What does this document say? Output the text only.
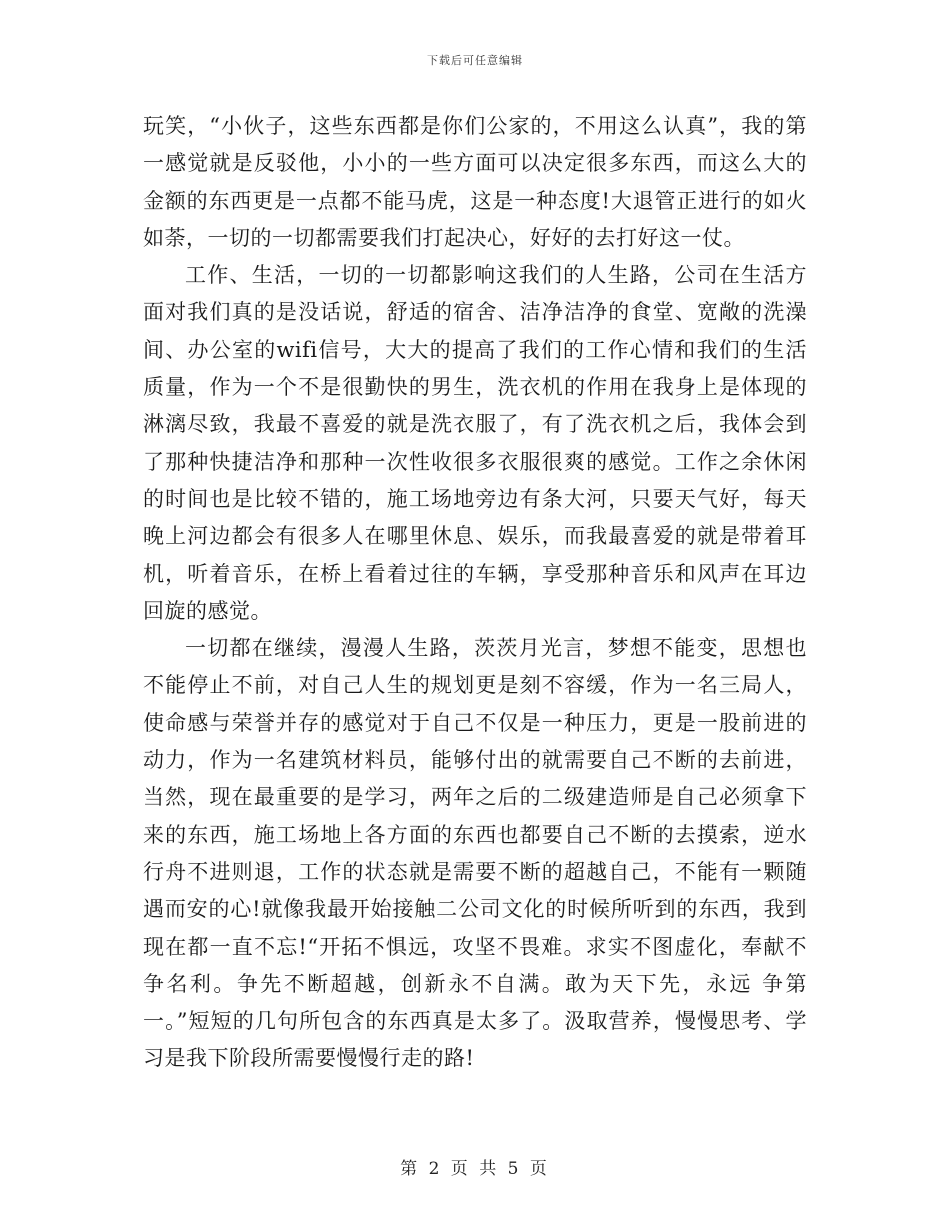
下载后可任意编辑

玩笑，“小伙子，这些东西都是你们公家的，不用这么认真”，我的第一感觉就是反驳他，小小的一些方面可以决定很多东西，而这么大的金额的东西更是一点都不能马虎，这是一种态度!大退管正进行的如火如荼，一切的一切都需要我们打起决心，好好的去打好这一仗。

工作、生活，一切的一切都影响这我们的人生路，公司在生活方面对我们真的是没话说，舒适的宿舍、洁净洁净的食堂、宽敞的洗澡间、办公室的wifi信号，大大的提高了我们的工作心情和我们的生活质量，作为一个不是很勤快的男生，洗衣机的作用在我身上是体现的淋漓尽致，我最不喜爱的就是洗衣服了，有了洗衣机之后，我体会到了那种快捷洁净和那种一次性收很多衣服很爽的感觉。工作之余休闲的时间也是比较不错的，施工场地旁边有条大河，只要天气好，每天晚上河边都会有很多人在哪里休息、娱乐，而我最喜爱的就是带着耳机，听着音乐，在桥上看着过往的车辆，享受那种音乐和风声在耳边回旋的感觉。

一切都在继续，漫漫人生路，茨茨月光言，梦想不能变，思想也不能停止不前，对自己人生的规划更是刻不容缓，作为一名三局人，使命感与荣誉并存的感觉对于自己不仅是一种压力，更是一股前进的动力，作为一名建筑材料员，能够付出的就需要自己不断的去前进，当然，现在最重要的是学习，两年之后的二级建造师是自己必须拿下来的东西，施工场地上各方面的东西也都要自己不断的去摸索，逆水行舟不进则退，工作的状态就是需要不断的超越自己，不能有一颗随遇而安的心!就像我最开始接触二公司文化的时候所听到的东西，我到现在都一直不忘!“开拓不惧远，攻坚不畏难。求实不图虚化，奉献不争名利。争先不断超越，创新永不自满。敢为天下先，永远 争第一。”短短的几句所包含的东西真是太多了。汲取营养，慢慢思考、学习是我下阶段所需要慢慢行走的路!

第 2 页 共 5 页
